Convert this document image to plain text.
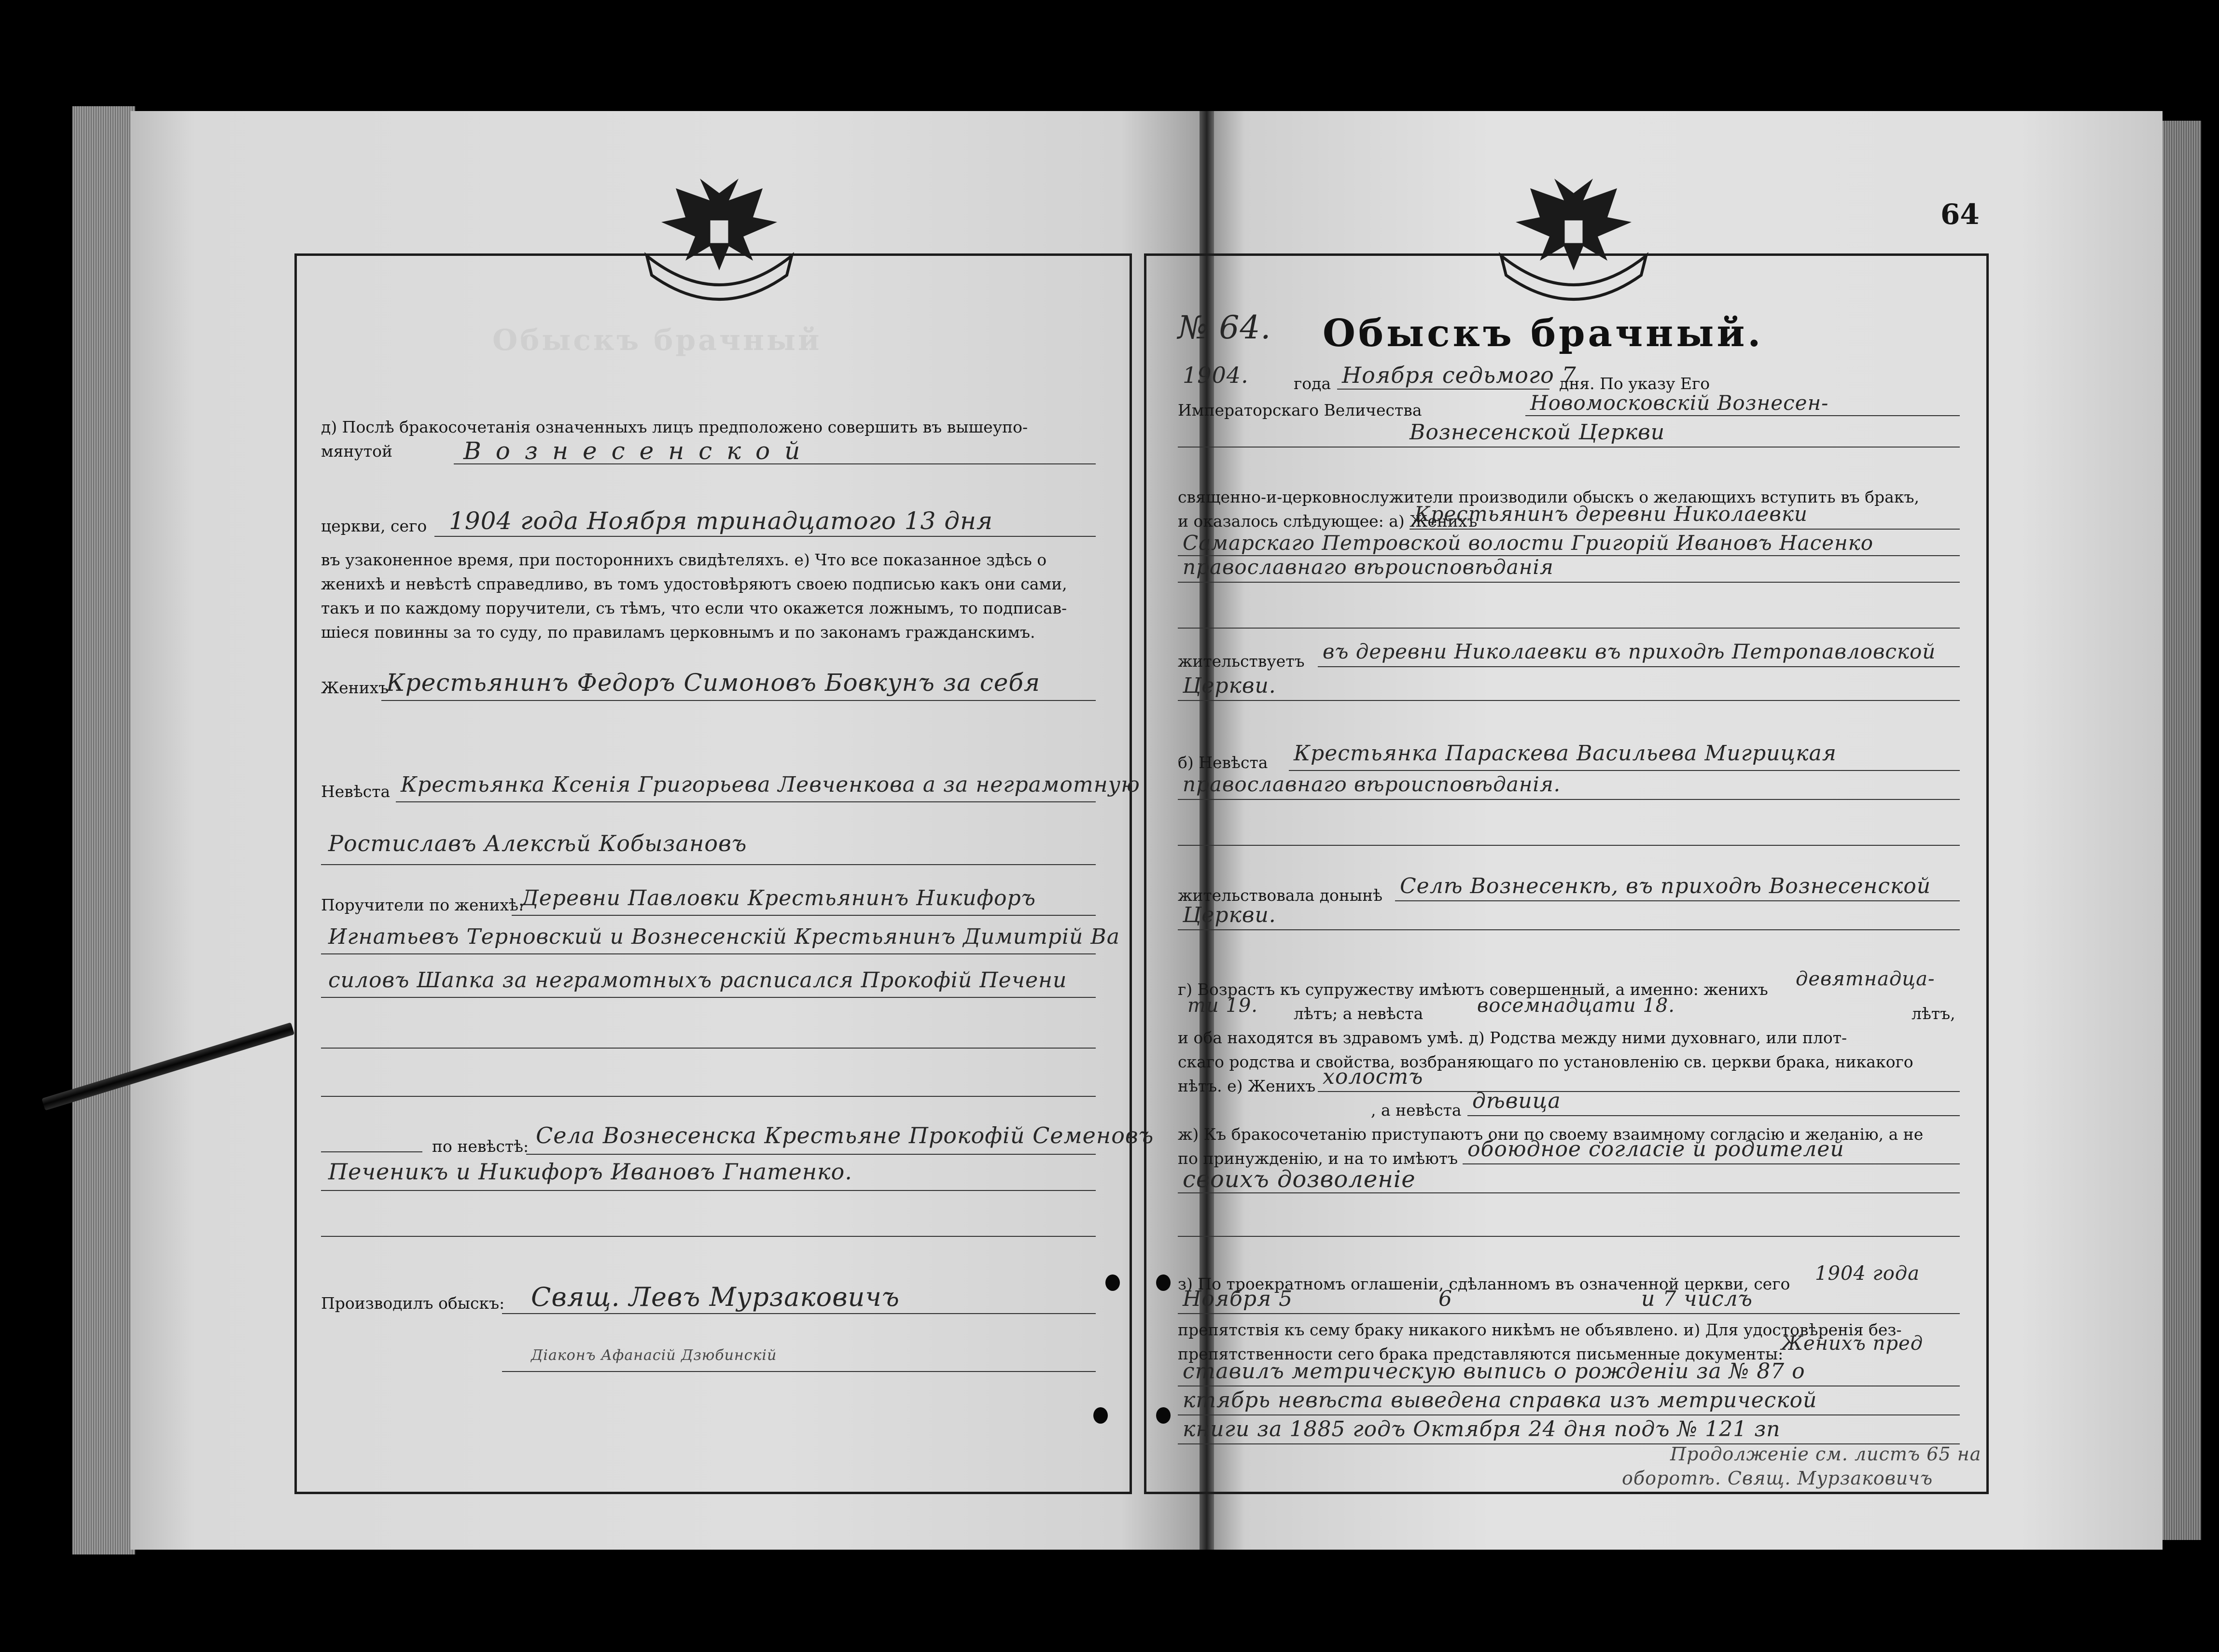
Обыскъ брачный
д) Послѣ бракосочетанія означенныхъ лицъ предположено совершить въ вышеупо-
мянутой	Вознесенской
церкви, сего 1904 года Ноября тринадцатого 13 дня
въ узаконенное время, при постороннихъ свидѣтеляхъ. е) Что все показанное здѣсь о
женихѣ и невѣстѣ справедливо, въ томъ удостовѣряютъ своею подписью какъ они сами,
такъ и по каждому поручители, съ тѣмъ, что если что окажется ложнымъ, то подписав-
шіеся повинны за то суду, по правиламъ церковнымъ и по законамъ гражданскимъ.
Женихъ
Крестьянинъ Федоръ Симоновъ Бовкунъ за себя
Невѣста Крестьянка Ксенія Григорьева Левченкова а за неграмотную
Ростиславъ Алексѣй Кобызановъ
Поручители по женихѣ:
Деревни Павловки Крестьянинъ Никифоръ
Игнатьевъ Терновский и Вознесенскій Крестьянинъ Димитрій Ва
силовъ Шапка за неграмотныхъ расписался Прокофій Печени
по невѣстѣ: Села Вознесенска Крестьяне Прокофій Семеновъ
Печеникъ и Никифоръ Ивановъ Гнатенко.
Производилъ обыскъ: Свящ. Левъ Мурзаковичъ
Діаконъ Афанасій Дзюбинскій
64
№ 64. Обыскъ брачный.
1904.	года Ноября седьмого 7
дня. По указу Его
Императорскаго Величества	Новомосковскій Вознесен-
Вознесенской Церкви
священно-и-церковнослужители производили обыскъ о желающихъ вступить въ бракъ,
и оказалось слѣдующее: а) Женихъ
Крестьянинъ деревни Николаевки
Самарскаго Петровской волости Григорій Ивановъ Насенко
православнаго вѣроисповѣданія
жительствуетъ въ деревни Николаевки въ приходѣ Петропавловской
Церкви.
б) Невѣста Крестьянка Параскева Васильева Мигрицкая
православнаго вѣроисповѣданія.
жительствовала донынѣ Селѣ Вознесенкѣ, въ приходѣ Вознесенской
Церкви.
г) Возрастъ къ супружеству имѣютъ совершенный, а именно: женихъ девятнадца-
ти 19. лѣтъ; а невѣста	восемнадцати 18.	лѣтъ,
и оба находятся въ здравомъ умѣ. д) Родства между ними духовнаго, или плот-
скаго родства и свойства, возбраняющаго по установленію св. церкви брака, никакого
нѣтъ. е) Женихъ холостъ
, а невѣста дѣвица
ж) Къ бракосочетанію приступаютъ они по своему взаимному согласію и желанію, а не
по принужденію, и на то имѣютъ обоюдное согласіе и родителей
своихъ дозволеніе
з) По троекратномъ оглашеніи, сдѣланномъ въ означенной церкви, сего 1904 года
Ноября 5	6	и 7 числъ
препятствія къ сему браку никакого никѣмъ не объявлено. и) Для удостовѣренія без-
препятственности сего брака представляются письменные документы:
Женихъ пред
ставилъ метрическую выпись о рожденіи за № 87 о
ктябрь невѣста выведена справка изъ метрической
книги за 1885 годъ Октября 24 дня подъ № 121 зп
Продолженіе см. листъ 65 на
оборотѣ. Свящ. Мурзаковичъ
